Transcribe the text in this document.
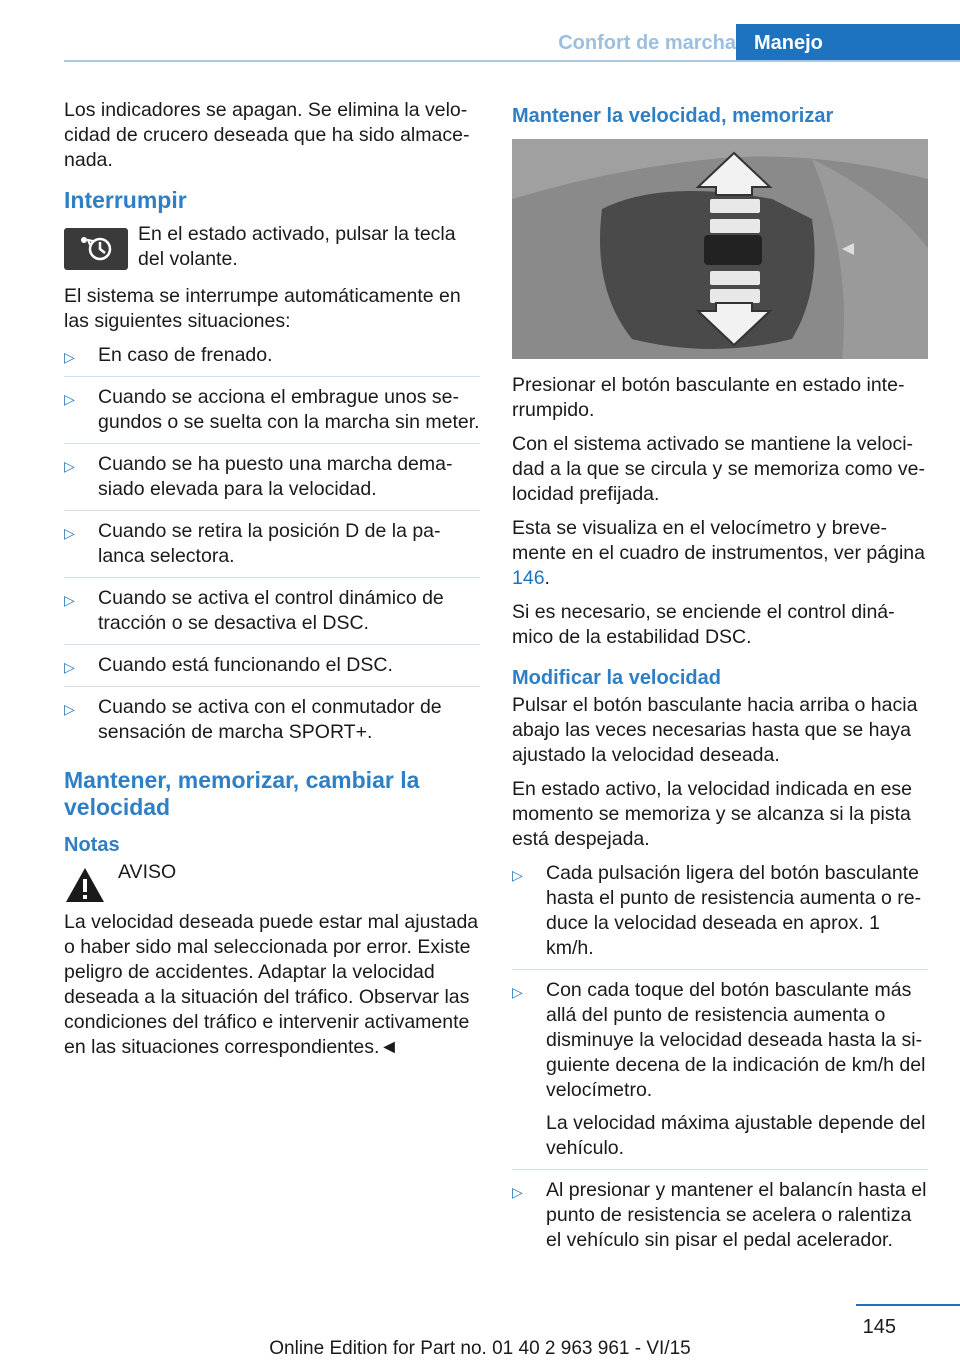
Confort de marcha Manejo

Los indicadores se apagan. Se elimina la velocidad de crucero deseada que ha sido almacenada.

Interrumpir
En el estado activado, pulsar la tecla del volante.

El sistema se interrumpe automáticamente en las siguientes situaciones:

▷ En caso de frenado.
▷ Cuando se acciona el embrague unos segundos o se suelta con la marcha sin meter.
▷ Cuando se ha puesto una marcha demasiado elevada para la velocidad.
▷ Cuando se retira la posición D de la palanca selectora.
▷ Cuando se activa el control dinámico de tracción o se desactiva el DSC.
▷ Cuando está funcionando el DSC.
▷ Cuando se activa con el conmutador de sensación de marcha SPORT+.
Mantener, memorizar, cambiar la velocidad
Notas
AVISO

La velocidad deseada puede estar mal ajustada o haber sido mal seleccionada por error. Existe peligro de accidentes. Adaptar la velocidad deseada a la situación del tráfico. Observar las condiciones del tráfico e intervenir activamente en las situaciones correspondientes.◄

Mantener la velocidad, memorizar

Presionar el botón basculante en estado interrumpido.

Con el sistema activado se mantiene la velocidad a la que se circula y se memoriza como velocidad prefijada.

Esta se visualiza en el velocímetro y brevemente en el cuadro de instrumentos, ver página 146.

Si es necesario, se enciende el control dinámico de la estabilidad DSC.

Modificar la velocidad

Pulsar el botón basculante hacia arriba o hacia abajo las veces necesarias hasta que se haya ajustado la velocidad deseada.

En estado activo, la velocidad indicada en ese momento se memoriza y se alcanza si la pista está despejada.

▷ Cada pulsación ligera del botón basculante hasta el punto de resistencia aumenta o reduce la velocidad deseada en aprox. 1 km/h.
▷ Con cada toque del botón basculante más allá del punto de resistencia aumenta o disminuye la velocidad deseada hasta la siguiente decena de la indicación de km/h del velocímetro.
La velocidad máxima ajustable depende del vehículo.
▷ Al presionar y mantener el balancín hasta el punto de resistencia se acelera o ralentiza el vehículo sin pisar el pedal acelerador.
145
Online Edition for Part no. 01 40 2 963 961 - VI/15
